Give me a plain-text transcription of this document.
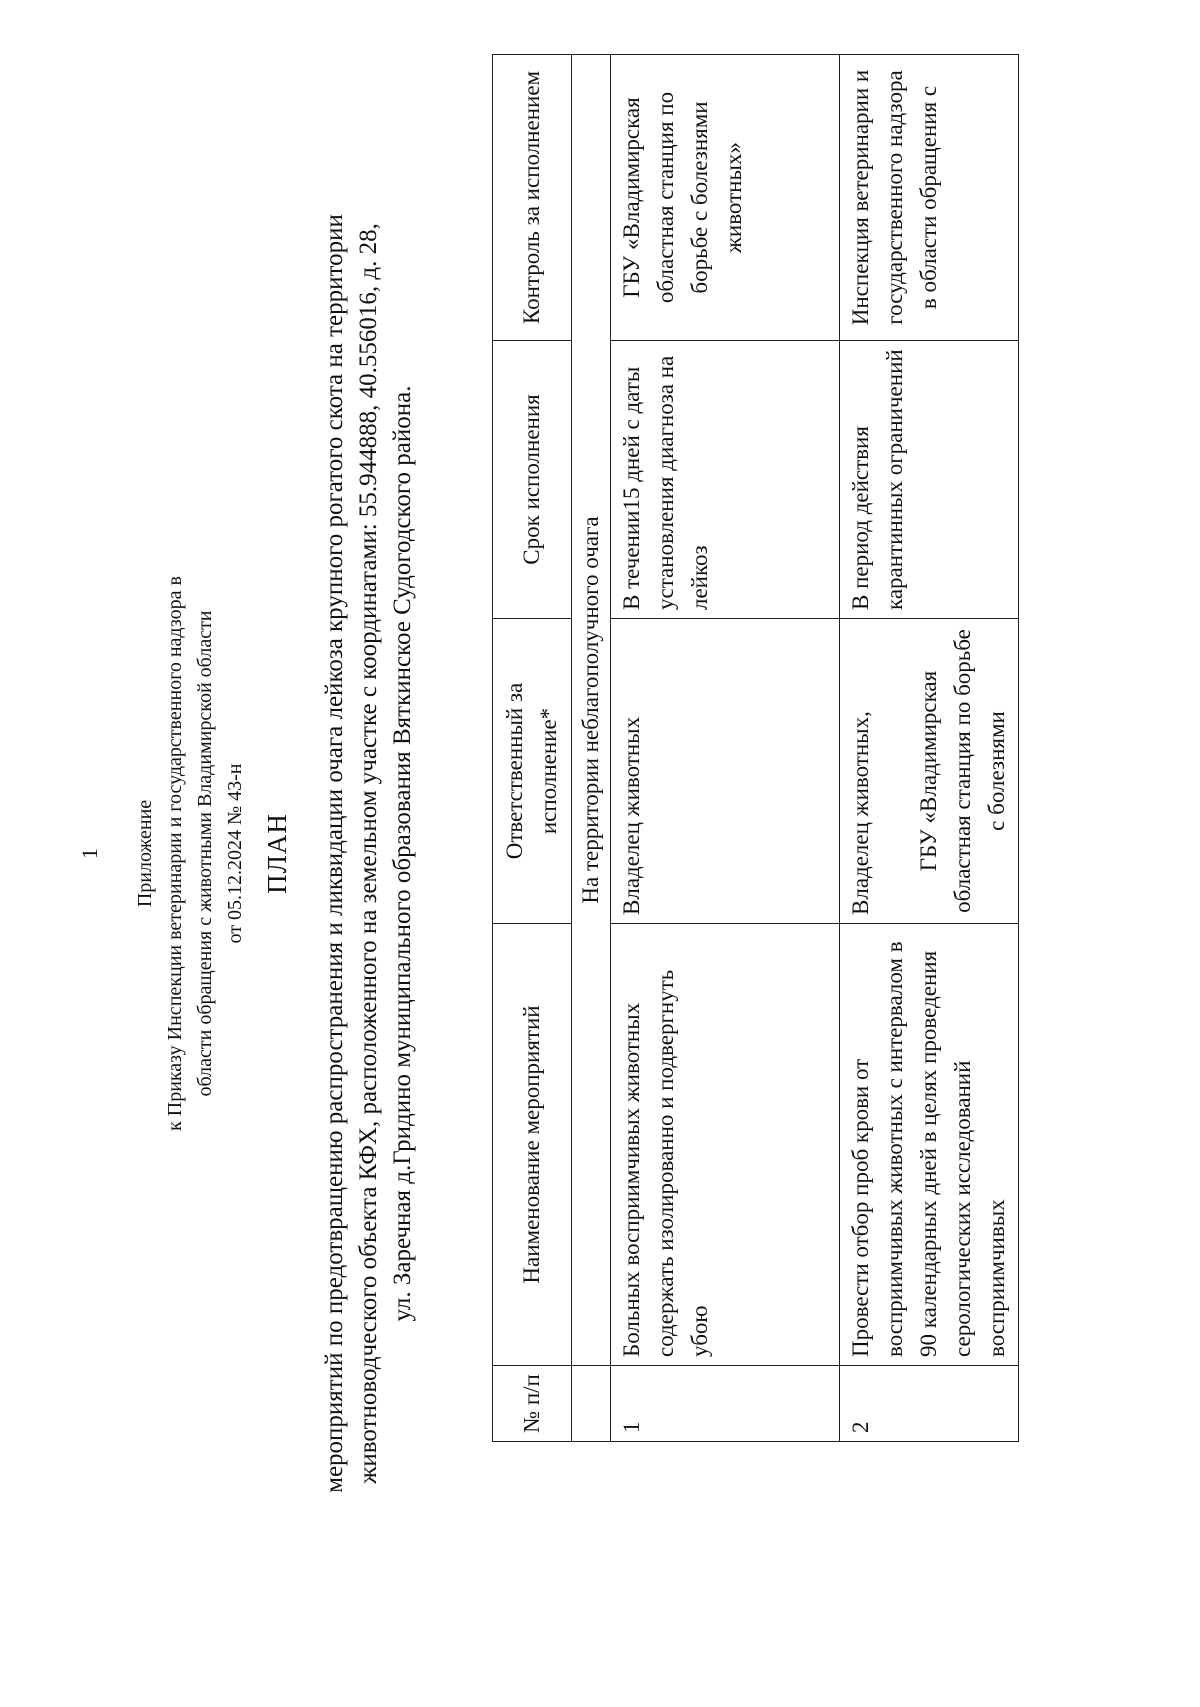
1 Приложение к Приказу Инспекции ветеринарии и государственного надзора в области обращения с животными Владимирской области от 05.12.2024 № 43-н ПЛАН мероприятий по предотвращению распространения и ликвидации очага лейкоза крупного рогатого скота на территории животноводческого объекта КФХ, расположенного на земельном участке с координатами: 55.944888, 40.556016, д. 28, ул. Заречная д.Гридино муниципального образования Вяткинское Судогодского района.
№ п/п	Наименование мероприятий	Ответственный за исполнение*	Срок исполнения	Контроль за исполнением
	На территории неблагополучного очага			
1	Больных восприимчивых животных содержать изолированно и подвергнуть убою	Владелец животных	В течении15 дней с даты установления диагноза на лейкоз	ГБУ «Владимирская областная станция по борьбе с болезнями животных»
2	Провести отбор проб крови от восприимчивых животных с интервалом в 90 календарных дней в целях проведения серологических исследований восприимчивых	Владелец животных, ГБУ «Владимирская областная станция по борьбе с болезнями	В период действия карантинных ограничений	Инспекция ветеринарии и государственного надзора в области обращения с
